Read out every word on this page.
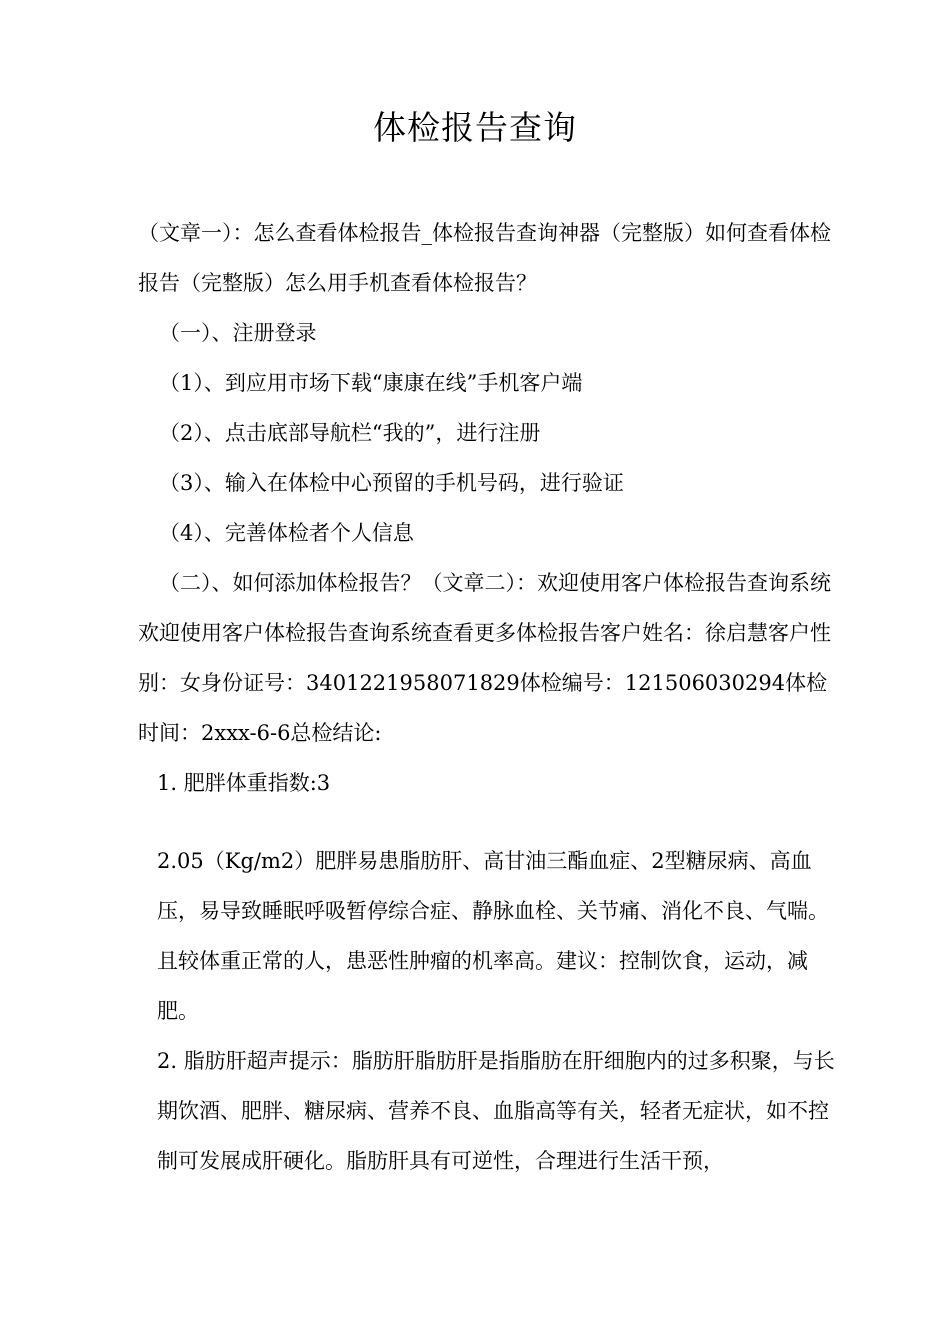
体检报告查询

（文章一）：怎么查看体检报告_体检报告查询神器（完整版）如何查看体检报告（完整版）怎么用手机查看体检报告？

（一）、注册登录

（1）、到应用市场下载“康康在线”手机客户端

（2）、点击底部导航栏“我的”，进行注册

（3）、输入在体检中心预留的手机号码，进行验证

（4）、完善体检者个人信息

（二）、如何添加体检报告？（文章二）：欢迎使用客户体检报告查询系统欢迎使用客户体检报告查询系统查看更多体检报告客户姓名：徐启慧客户性别：女身份证号：3401221958071829体检编号：121506030294体检时间：2xxx-6-6总检结论:

1. 肥胖体重指数:3

2.05（Kg/m2）肥胖易患脂肪肝、高甘油三酯血症、2型糖尿病、高血压，易导致睡眠呼吸暂停综合症、静脉血栓、关节痛、消化不良、气喘。且较体重正常的人，患恶性肿瘤的机率高。建议：控制饮食，运动，减肥。

2. 脂肪肝超声提示：脂肪肝脂肪肝是指脂肪在肝细胞内的过多积聚，与长期饮酒、肥胖、糖尿病、营养不良、血脂高等有关，轻者无症状，如不控制可发展成肝硬化。脂肪肝具有可逆性，合理进行生活干预，
